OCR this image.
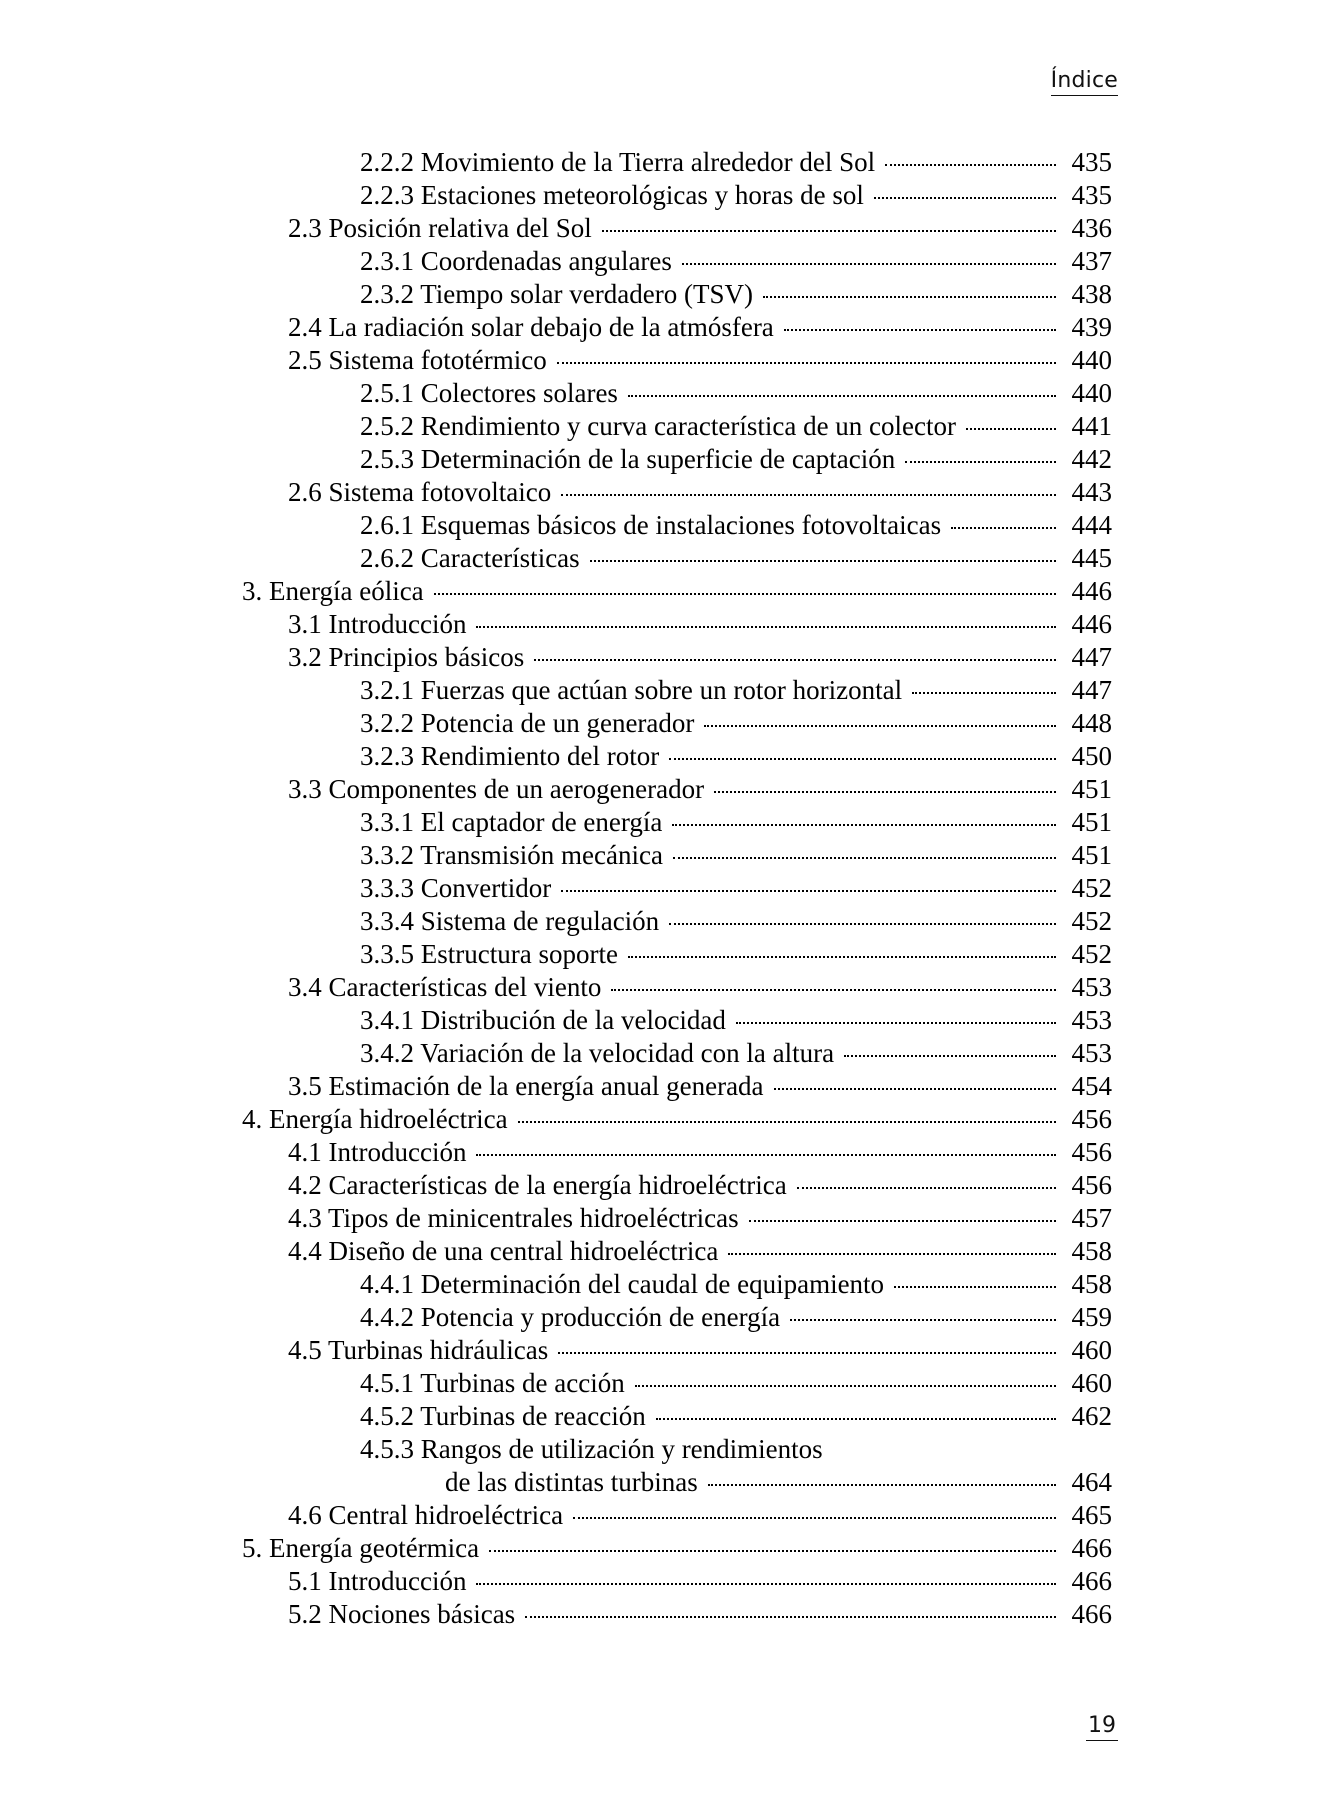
Índice
2.2.2 Movimiento de la Tierra alrededor del Sol	435
2.2.3 Estaciones meteorológicas y horas de sol	435
2.3 Posición relativa del Sol	436
2.3.1 Coordenadas angulares	437
2.3.2 Tiempo solar verdadero (TSV)	438
2.4 La radiación solar debajo de la atmósfera	439
2.5 Sistema fototérmico	440
2.5.1 Colectores solares	440
2.5.2 Rendimiento y curva característica de un colector	441
2.5.3 Determinación de la superficie de captación	442
2.6 Sistema fotovoltaico	443
2.6.1 Esquemas básicos de instalaciones fotovoltaicas	444
2.6.2 Características	445
3. Energía eólica	446
3.1 Introducción	446
3.2 Principios básicos	447
3.2.1 Fuerzas que actúan sobre un rotor horizontal	447
3.2.2 Potencia de un generador	448
3.2.3 Rendimiento del rotor	450
3.3 Componentes de un aerogenerador	451
3.3.1 El captador de energía	451
3.3.2 Transmisión mecánica	451
3.3.3 Convertidor	452
3.3.4 Sistema de regulación	452
3.3.5 Estructura soporte	452
3.4 Características del viento	453
3.4.1 Distribución de la velocidad	453
3.4.2 Variación de la velocidad con la altura	453
3.5 Estimación de la energía anual generada	454
4. Energía hidroeléctrica	456
4.1 Introducción	456
4.2 Características de la energía hidroeléctrica	456
4.3 Tipos de minicentrales hidroeléctricas	457
4.4 Diseño de una central hidroeléctrica	458
4.4.1 Determinación del caudal de equipamiento	458
4.4.2 Potencia y producción de energía	459
4.5 Turbinas hidráulicas	460
4.5.1 Turbinas de acción	460
4.5.2 Turbinas de reacción	462
4.5.3 Rangos de utilización y rendimientos
de las distintas turbinas	464
4.6 Central hidroeléctrica	465
5. Energía geotérmica	466
5.1 Introducción	466
5.2 Nociones básicas	466
19
